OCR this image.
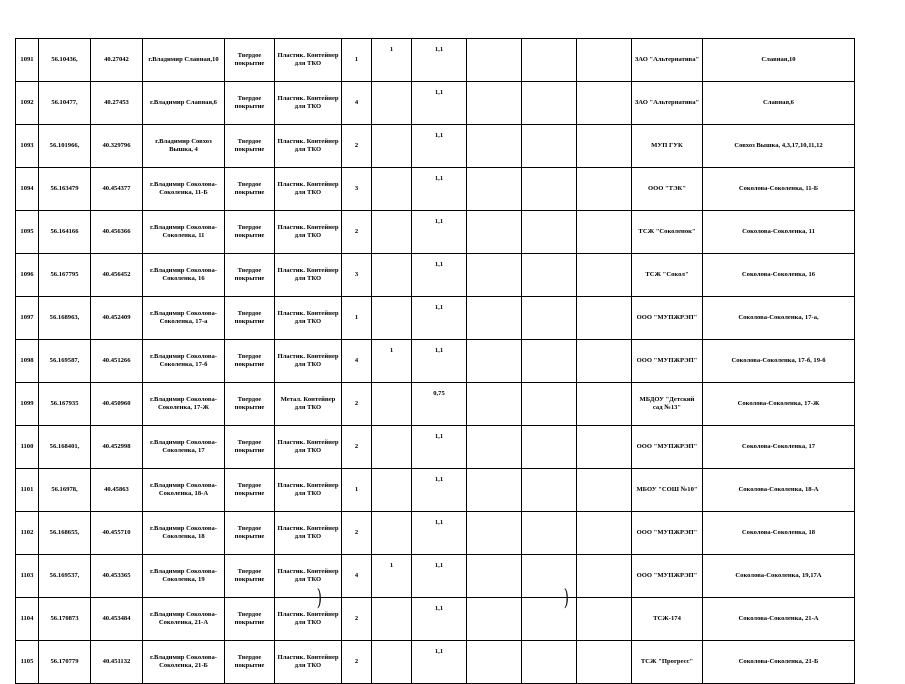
1091	56.10436,	40.27042	г.Владимир Славная,10	Твердое покрытие	Пластик. Контейнер для ТКО	1	1	1,1				ЗАО "Альтернатива"	Славная,10
1092	56.10477,	40.27453	г.Владимир Славная,6	Твердое покрытие	Пластик. Контейнер для ТКО	4		1,1				ЗАО "Альтернатива"	Славная,6
1093	56.101966,	40.329796	г.Владимир Совхоз Вышка, 4	Твердое покрытие	Пластик. Контейнер для ТКО	2		1,1				МУП ГУК	Совхоз Вышка, 4,3,17,10,11,12
1094	56.163479	40.454377	г.Владимир Соколова-Соколенка, 11-Б	Твердое покрытие	Пластик. Контейнер для ТКО	3		1,1				ООО "ТЭК"	Соколова-Соколенка, 11-Б
1095	56.164166	40.456366	г.Владимир Соколова-Соколенка, 11	Твердое покрытие	Пластик. Контейнер для ТКО	2		1,1				ТСЖ "Соколенок"	Соколова-Соколенка, 11
1096	56.167795	40.456452	г.Владимир Соколова-Соколенка, 16	Твердое покрытие	Пластик. Контейнер для ТКО	3		1,1				ТСЖ "Сокол"	Соколова-Соколенка, 16
1097	56.168963,	40.452409	г.Владимир Соколова-Соколенка, 17-а	Твердое покрытие	Пластик. Контейнер для ТКО	1		1,1				ООО "МУПЖРЭП"	Соколова-Соколенка, 17-а,
1098	56.169587,	40.451266	г.Владимир Соколова-Соколенка, 17-б	Твердое покрытие	Пластик. Контейнер для ТКО	4	1	1,1				ООО "МУПЖРЭП"	Соколова-Соколенка, 17-б, 19-б
1099	56.167935	40.450960	г.Владимир Соколова-Соколенка, 17-Ж	Твердое покрытие	Метал. Контейнер для ТКО	2		0,75				МБДОУ "Детский сад №13"	Соколова-Соколенка, 17-Ж
1100	56.168401,	40.452998	г.Владимир Соколова-Соколенка, 17	Твердое покрытие	Пластик. Контейнер для ТКО	2		1,1				ООО "МУПЖРЭП"	Соколова-Соколенка, 17
1101	56.16978,	40.45863	г.Владимир Соколова-Соколенка, 18-А	Твердое покрытие	Пластик. Контейнер для ТКО	1		1,1				МБОУ "СОШ №10"	Соколова-Соколенка, 18-А
1102	56.168655,	40.455710	г.Владимир Соколова-Соколенка, 18	Твердое покрытие	Пластик. Контейнер для ТКО	2		1,1				ООО "МУПЖРЭП"	Соколова-Соколенка, 18
1103	56.169537,	40.453365	г.Владимир Соколова-Соколенка, 19	Твердое покрытие	Пластик. Контейнер для ТКО	4	1	1,1				ООО "МУПЖРЭП"	Соколова-Соколенка, 19,17А
1104	56.170873	40.453484	г.Владимир Соколова-Соколенка, 21-А	Твердое покрытие	Пластик. Контейнер для ТКО	2		1,1				ТСЖ-174	Соколова-Соколенка, 21-А
1105	56.170779	40.451132	г.Владимир Соколова-Соколенка, 21-Б	Твердое покрытие	Пластик. Контейнер для ТКО	2		1,1				ТСЖ "Прогресс"	Соколова-Соколенка, 21-Б
)	)
